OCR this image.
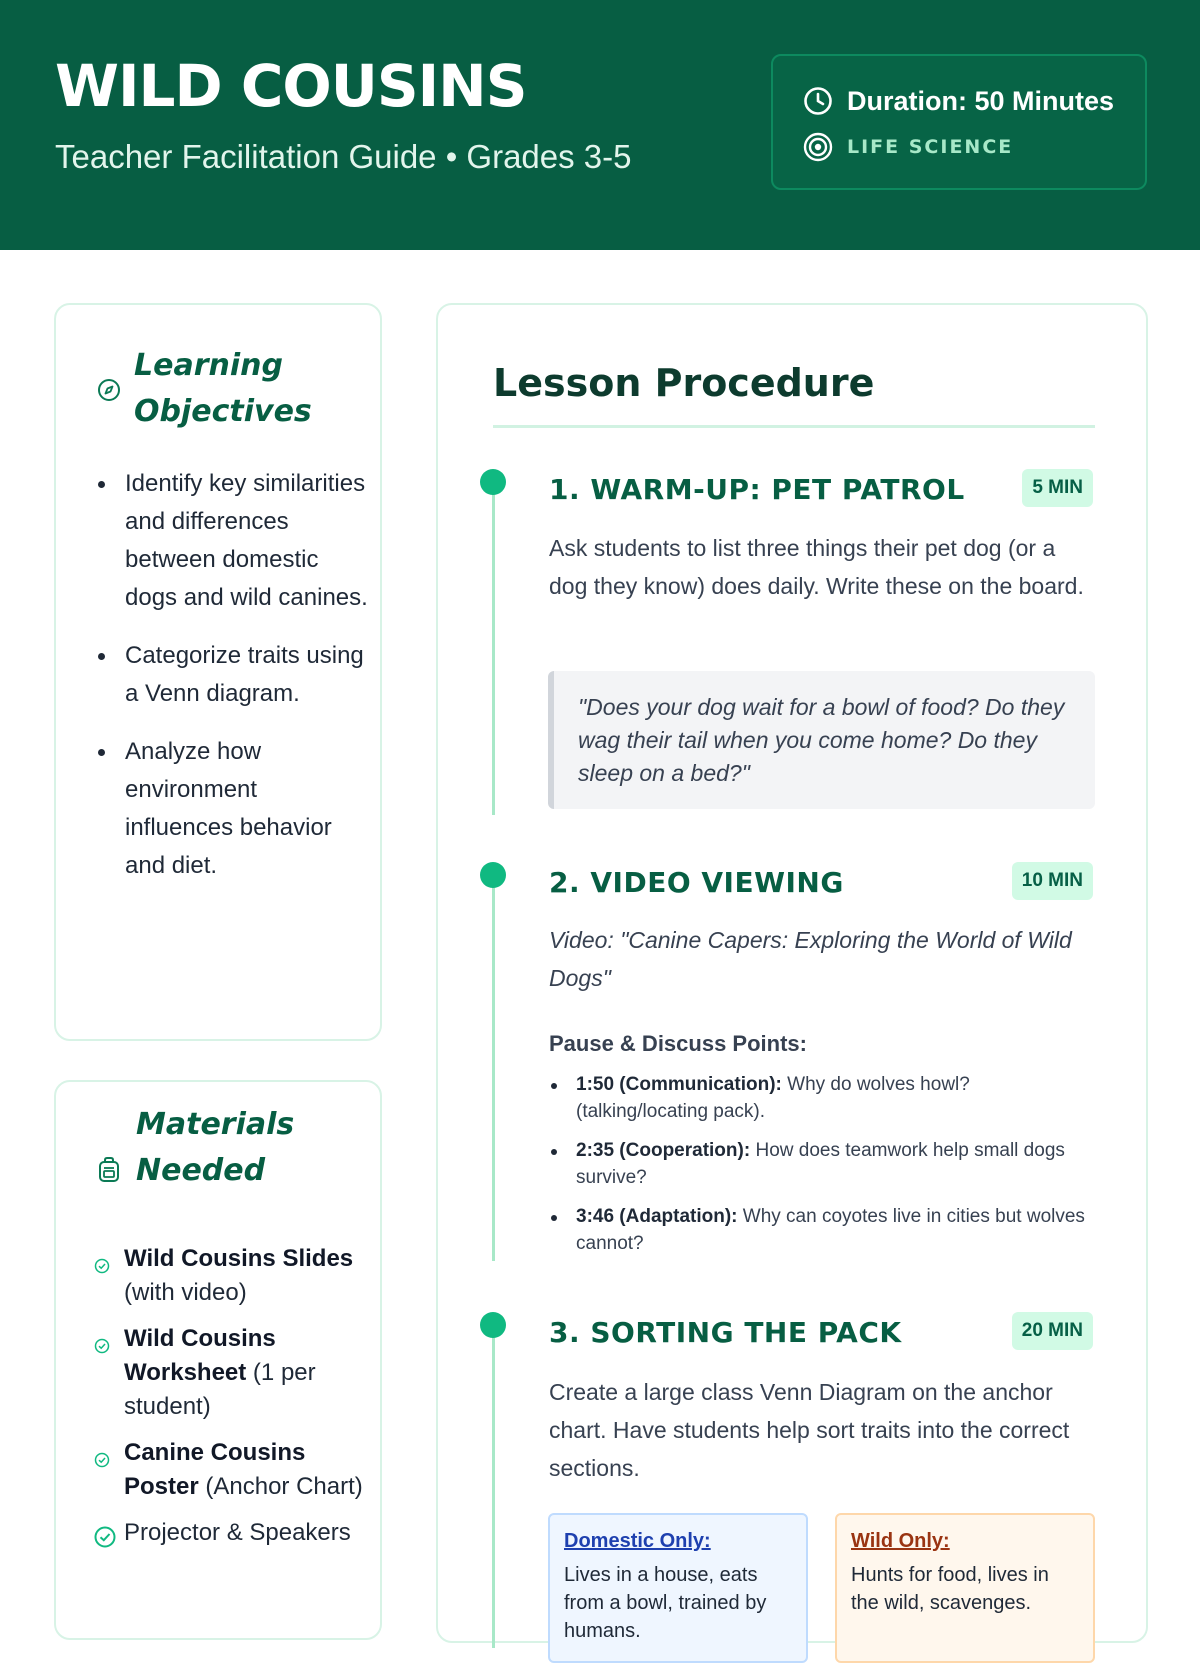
WILD COUSINS
Teacher Facilitation Guide • Grades 3-5
Duration: 50 Minutes
LIFE SCIENCE
Learning
Objectives
Identify key similarities and differences between domestic dogs and wild canines.
Categorize traits using a Venn diagram.
Analyze how environment influences behavior and diet.
Materials
Needed
Wild Cousins Slides (with video)
Wild Cousins Worksheet (1 per student)
Canine Cousins Poster (Anchor Chart)
Projector & Speakers
Lesson Procedure
1. WARM-UP: PET PATROL	5 MIN
Ask students to list three things their pet dog (or a dog they know) does daily. Write these on the board.
"Does your dog wait for a bowl of food? Do they wag their tail when you come home? Do they sleep on a bed?"
2. VIDEO VIEWING	10 MIN
Video: "Canine Capers: Exploring the World of Wild Dogs"
Pause & Discuss Points:
1:50 (Communication): Why do wolves howl? (talking/locating pack).
2:35 (Cooperation): How does teamwork help small dogs survive?
3:46 (Adaptation): Why can coyotes live in cities but wolves cannot?
3. SORTING THE PACK	20 MIN
Create a large class Venn Diagram on the anchor chart. Have students help sort traits into the correct sections.
Domestic Only:
Lives in a house, eats from a bowl, trained by humans.
Wild Only:
Hunts for food, lives in the wild, scavenges.
